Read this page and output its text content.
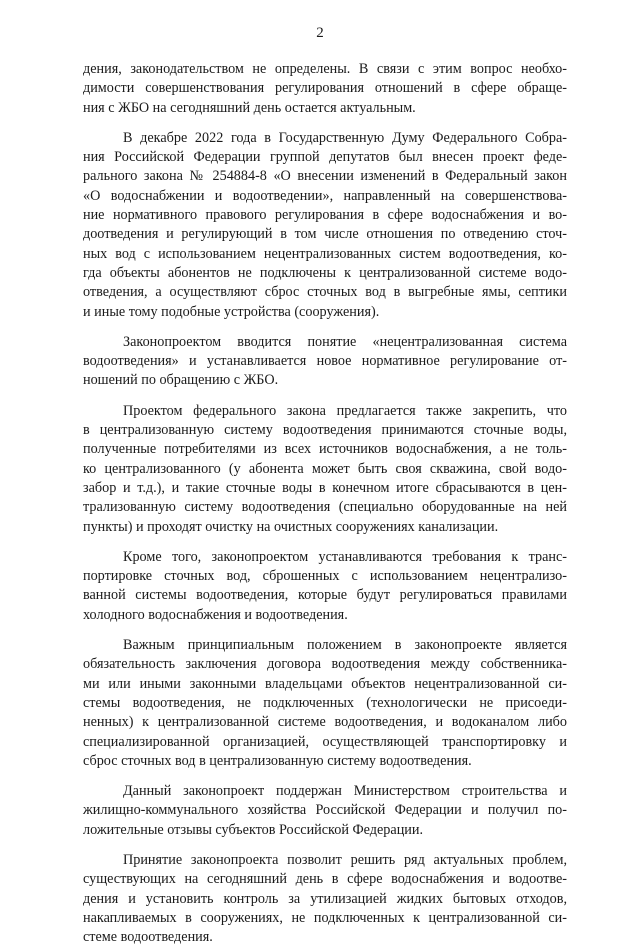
2
дения, законодательством не определены. В связи с этим вопрос необхо-
димости совершенствования регулирования отношений в сфере обраще-
ния с ЖБО на сегодняшний день остается актуальным.
В декабре 2022 года в Государственную Думу Федерального Собра-
ния Российской Федерации группой депутатов был внесен проект феде-
рального закона № 254884-8 «О внесении изменений в Федеральный закон
«О водоснабжении и водоотведении», направленный на совершенствова-
ние нормативного правового регулирования в сфере водоснабжения и во-
доотведения и регулирующий в том числе отношения по отведению сточ-
ных вод с использованием нецентрализованных систем водоотведения, ко-
гда объекты абонентов не подключены к централизованной системе водо-
отведения, а осуществляют сброс сточных вод в выгребные ямы, септики
и иные тому подобные устройства (сооружения).
Законопроектом вводится понятие «нецентрализованная система
водоотведения» и устанавливается новое нормативное регулирование от-
ношений по обращению с ЖБО.
Проектом федерального закона предлагается также закрепить, что
в централизованную систему водоотведения принимаются сточные воды,
полученные потребителями из всех источников водоснабжения, а не толь-
ко централизованного (у абонента может быть своя скважина, свой водо-
забор и т.д.), и такие сточные воды в конечном итоге сбрасываются в цен-
трализованную систему водоотведения (специально оборудованные на ней
пункты) и проходят очистку на очистных сооружениях канализации.
Кроме того, законопроектом устанавливаются требования к транс-
портировке сточных вод, сброшенных с использованием нецентрализо-
ванной системы водоотведения, которые будут регулироваться правилами
холодного водоснабжения и водоотведения.
Важным принципиальным положением в законопроекте является
обязательность заключения договора водоотведения между собственника-
ми или иными законными владельцами объектов нецентрализованной си-
стемы водоотведения, не подключенных (технологически не присоеди-
ненных) к централизованной системе водоотведения, и водоканалом либо
специализированной организацией, осуществляющей транспортировку и
сброс сточных вод в централизованную систему водоотведения.
Данный законопроект поддержан Министерством строительства и
жилищно-коммунального хозяйства Российской Федерации и получил по-
ложительные отзывы субъектов Российской Федерации.
Принятие законопроекта позволит решить ряд актуальных проблем,
существующих на сегодняшний день в сфере водоснабжения и водоотве-
дения и установить контроль за утилизацией жидких бытовых отходов,
накапливаемых в сооружениях, не подключенных к централизованной си-
стеме водоотведения.
